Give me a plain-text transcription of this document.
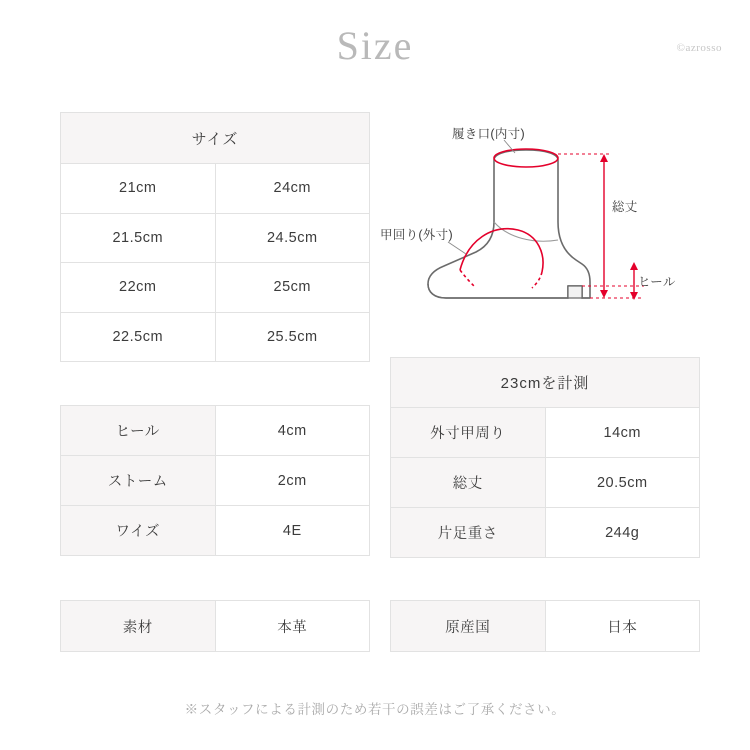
Size	©azrosso
サイズ	
21cm	24cm
21.5cm	24.5cm
22cm	25cm
22.5cm	25.5cm
ヒール	4cm
ストーム	2cm
ワイズ	4E
素材	本革
23cmを計測	
外寸甲周り	14cm
総丈	20.5cm
片足重さ	244g
原産国	日本
履き口(内寸)
甲回り(外寸)
総丈
ヒール
※スタッフによる計測のため若干の誤差はご了承ください。
